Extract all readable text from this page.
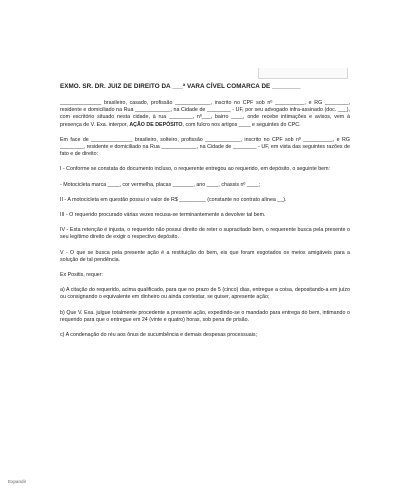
EXMO. SR. DR. JUIZ DE DIREITO DA ___ª VARA CÍVEL COMARCA DE ________

______________ brasileiro, casado, profissão ____________, inscrito no CPF sob nº __________, e RG ________, residente e domiciliado na Rua ____________, na Cidade de ________ - UF, por seu advogado infra-assinado (doc. ___), com escritório situado nesta cidade, à rua ________, nº___, bairro ____, onde recebe intimações e avisos, vem à presença de V. Exa. interpor, AÇÃO DE DEPÓSITO, com fulcro nos artigos ____ e seguintes do CPC.

Em face de ______________ brasileiro, solteiro, profissão ____________, inscrito no CPF sob nº __________, e RG ________, residente e domiciliado na Rua ____________, na Cidade de ________ - UF, em vista das seguintes razões de fato e de direito:

I - Conforme se constata do documento incluso, o requerente entregou ao requerido, em depósito, o seguinte bem:

- Motocicleta marca ____, cor vermelha, placas _______, ano ____, chassis nº ____;

II - A motocicleta em questão possui o valor de R$ _________ (constante no contrato alínea __).

III - O requerido procurado várias vezes recusa-se terminantemente a devolver tal bem.

IV - Esta retenção é injusta, o requerido não possui direito de reter o supracitado bem, o requerente busca pela presente o seu legítimo direito de exigir o respectivo depósito.

V - O que se busca pela presente ação é a restituição do bem, eis que foram esgotados os meios amigáveis para a solução de tal pendência.

Ex Positis, requer:

a) A citação do requerido, acima qualificado, para que no prazo de 5 (cinco) dias, entregue a coisa, depositando-a em juízo ou consignando o equivalente em dinheiro ou ainda contestar, se quiser, apresente ação;

b) Que V. Exa. julgue totalmente procedente a presente ação, expedindo-se o mandado para entrega do bem, intimando o requerido para que o entregue em 24 (vinte e quatro) horas, sob pena de prisão.

c) A condenação do réu aos ônus de sucumbência e demais despesas processuais;

Expandir
